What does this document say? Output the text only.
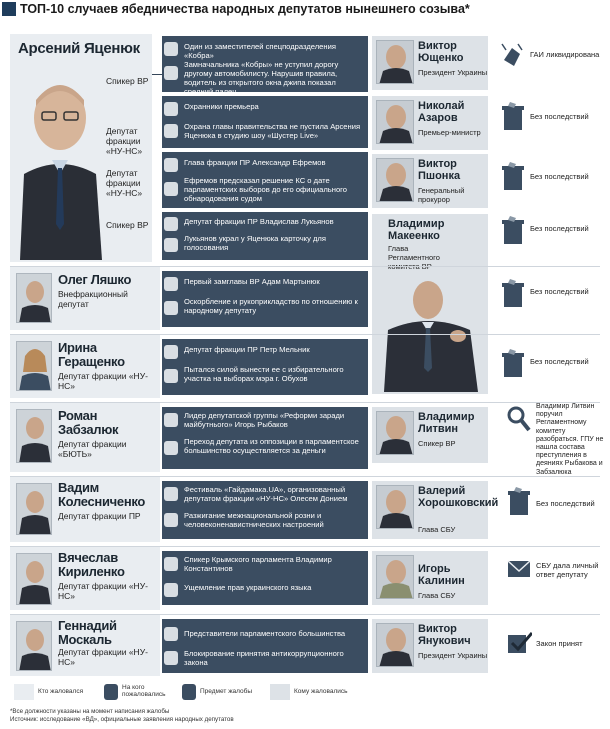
ТОП-10 случаев ябедничества народных депутатов нынешнего созыва*
Арсений Яценюк
Спикер ВР
Депутат фракции «НУ-НС»
Депутат фракции «НУ-НС»
Спикер ВР
Один из заместителей спецподразделения «Кобра»
Замначальника «Кобры» не уступил дорогу другому автомобилисту. Нарушив правила, водитель из открытого окна джипа показал средний палец
Охранники премьера
Охрана главы правительства не пустила Арсения Яценюка в студию шоу «Шустер Live»
Глава фракции ПР Александр Ефремов
Ефремов предсказал решение КС о дате парламентских выборов до его официального обнародования судом
Депутат фракции ПР Владислав Лукьянов
Лукьянов украл у Яценюка карточку для голосования
Виктор Ющенко
Президент Украины
Николай Азаров
Премьер-министр
Виктор Пшонка
Генеральный прокурор
Владимир Макеенко
Глава Регламентного комитета ВР
ГАИ ликвидирована
Без последствий
Без последствий
Без последствий
Олег Ляшко
Внефракционный депутат
Первый замглавы ВР Адам Мартынюк
Оскорбление и рукоприкладство по отношению к народному депутату
Без последствий
Ирина Геращенко
Депутат фракции «НУ-НС»
Депутат фракции ПР Петр Мельник
Пытался силой вынести ее с избирательного участка на выборах мэра г. Обухов
Без последствий
Роман Забзалюк
Депутат фракции «БЮТЬ»
Лидер депутатской группы «Реформи заради майбутнього» Игорь Рыбаков
Переход депутата из оппозиции в парламентское большинство осуществляется за деньги
Владимир Литвин
Спикер ВР
Владимир Литвин поручил Регламентному комитету разобраться. ГПУ не нашла состава преступления в деяниях Рыбакова и Забзалюка
Вадим Колесниченко
Депутат фракции ПР
Фестиваль «Гайдамака.UA», организованный депутатом фракции «НУ-НС» Олесем Донием
Разжигание межнациональной розни и человеконенавистнических настроений
Валерий Хорошковский
Глава СБУ
Без последствий
Вячеслав Кириленко
Депутат фракции «НУ-НС»
Спикер Крымского парламента Владимир Константинов
Ущемление прав украинского языка
Игорь Калинин
Глава СБУ
СБУ дала личный ответ депутату
Геннадий Москаль
Депутат фракции «НУ-НС»
Представители парламентского большинства
Блокирование принятия антикоррупционного закона
Виктор Янукович
Президент Украины
Закон принят
Кто жаловался
На кого пожаловались	Предмет жалобы	Кому жаловались
*Все должности указаны на момент написания жалобы
Источник: исследование «ВД», официальные заявления народных депутатов
